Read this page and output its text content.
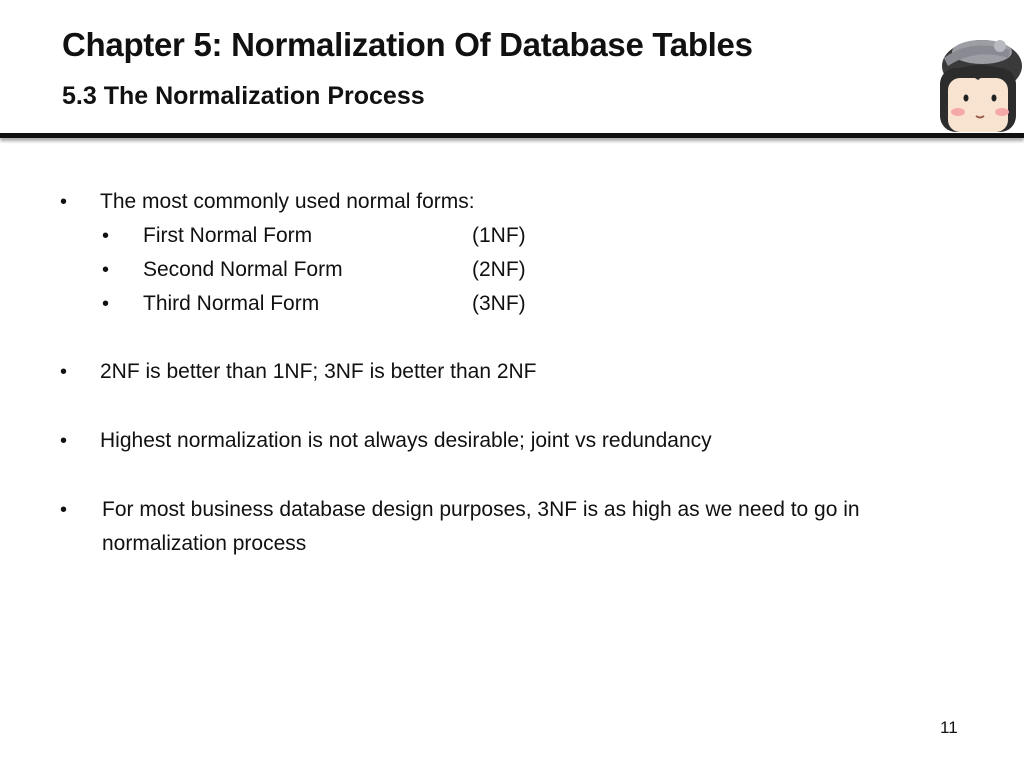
Chapter 5: Normalization Of Database Tables
5.3 The Normalization Process
• The most commonly used normal forms:
• First Normal Form	(1NF)
• Second Normal Form	(2NF)
• Third Normal Form	(3NF)
• 2NF is better than 1NF; 3NF is better than 2NF
• Highest normalization is not always desirable; joint vs redundancy
• For most business database design purposes, 3NF is as high as we need to go in normalization process
11
